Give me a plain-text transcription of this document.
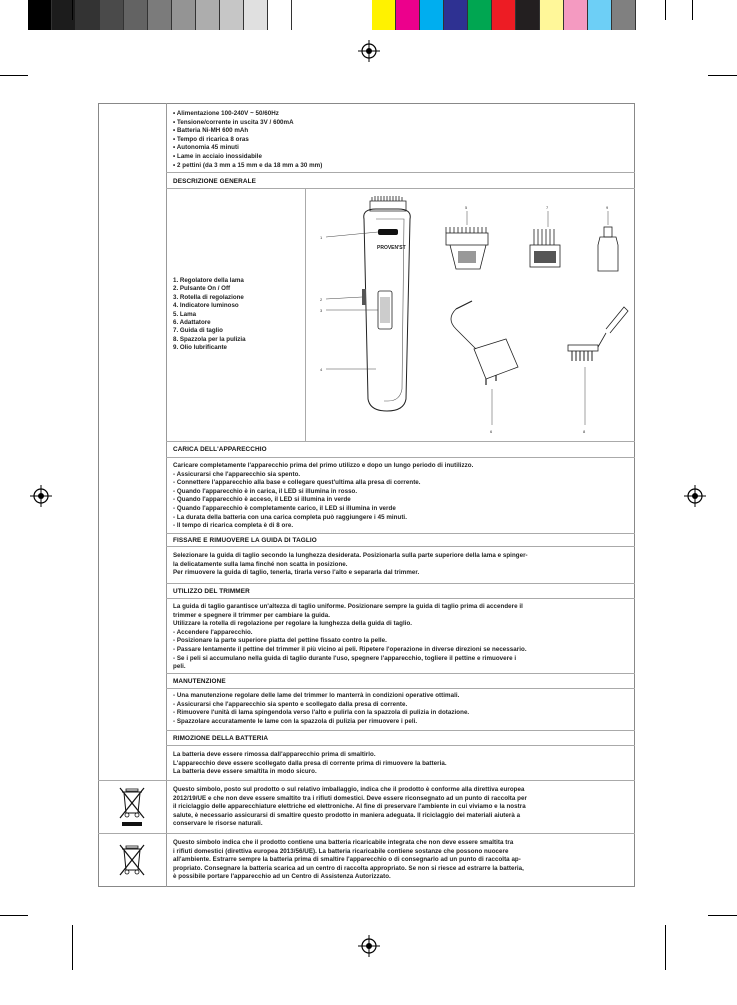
• Alimentazione 100-240V ~ 50/60Hz
• Tensione/corrente in uscita 3V / 600mA
• Batteria Ni-MH 600 mAh
• Tempo di ricarica 8 oras
• Autonomia 45 minuti
• Lame in acciaio inossidabile
• 2 pettini (da 3 mm a 15 mm e da 18 mm a 30 mm)
DESCRIZIONE GENERALE
1. Regolatore della lama
2. Pulsante On / Off
3. Rotella di regolazione
4. Indicatore luminoso
5. Lama
6. Adattatore
7. Guida di taglio
8. Spazzola per la pulizia
9. Olio lubrificante
PROVEN'ST
1
2
3
4
5	7	9
6	8
CARICA DELL'APPARECCHIO
Caricare completamente l'apparecchio prima del primo utilizzo e dopo un lungo periodo di inutilizzo.
- Assicurarsi che l'apparecchio sia spento.
- Connettere l'apparecchio alla base e collegare quest'ultima alla presa di corrente.
- Quando l'apparecchio è in carica, il LED si illumina in rosso.
- Quando l'apparecchio è acceso, il LED si illumina in verde
- Quando l'apparecchio è completamente carico, il LED si illumina in verde
- La durata della batteria con una carica completa può raggiungere i 45 minuti.
- Il tempo di ricarica completa è di 8 ore.
FISSARE E RIMUOVERE LA GUIDA DI TAGLIO
Selezionare la guida di taglio secondo la lunghezza desiderata. Posizionarla sulla parte superiore della lama e spinger-
la delicatamente sulla lama finché non scatta in posizione.
Per rimuovere la guida di taglio, tenerla, tirarla verso l'alto e separarla dal trimmer.
UTILIZZO DEL TRIMMER
La guida di taglio garantisce un'altezza di taglio uniforme. Posizionare sempre la guida di taglio prima di accendere il
trimmer e spegnere il trimmer per cambiare la guida.
Utilizzare la rotella di regolazione per regolare la lunghezza della guida di taglio.
- Accendere l'apparecchio.
- Posizionare la parte superiore piatta del pettine fissato contro la pelle.
- Passare lentamente il pettine del trimmer il più vicino ai peli. Ripetere l'operazione in diverse direzioni se necessario.
- Se i peli si accumulano nella guida di taglio durante l'uso, spegnere l'apparecchio, togliere il pettine e rimuovere i
peli.
MANUTENZIONE
- Una manutenzione regolare delle lame del trimmer lo manterrà in condizioni operative ottimali.
- Assicurarsi che l'apparecchio sia spento e scollegato dalla presa di corrente.
- Rimuovere l'unità di lama spingendola verso l'alto e pulirla con la spazzola di pulizia in dotazione.
- Spazzolare accuratamente le lame con la spazzola di pulizia per rimuovere i peli.
RIMOZIONE DELLA BATTERIA
La batteria deve essere rimossa dall'apparecchio prima di smaltirlo.
L'apparecchio deve essere scollegato dalla presa di corrente prima di rimuovere la batteria.
La batteria deve essere smaltita in modo sicuro.
Questo simbolo, posto sul prodotto o sul relativo imballaggio, indica che il prodotto è conforme alla direttiva europea
2012/19/UE e che non deve essere smaltito tra i rifiuti domestici. Deve essere riconsegnato ad un punto di raccolta per
il riciclaggio delle apparecchiature elettriche ed elettroniche. Al fine di preservare l'ambiente in cui viviamo e la nostra
salute, è necessario assicurarsi di smaltire questo prodotto in maniera adeguata. Il riciclaggio dei materiali aiuterà a
conservare le risorse naturali.
Questo simbolo indica che il prodotto contiene una batteria ricaricabile integrata che non deve essere smaltita tra
i rifiuti domestici (direttiva europea 2013/56/UE). La batteria ricaricabile contiene sostanze che possono nuocere
all'ambiente. Estrarre sempre la batteria prima di smaltire l'apparecchio o di consegnarlo ad un punto di raccolta ap-
propriato. Consegnare la batteria scarica ad un centro di raccolta appropriato. Se non si riesce ad estrarre la batteria,
è possibile portare l'apparecchio ad un Centro di Assistenza Autorizzato.
